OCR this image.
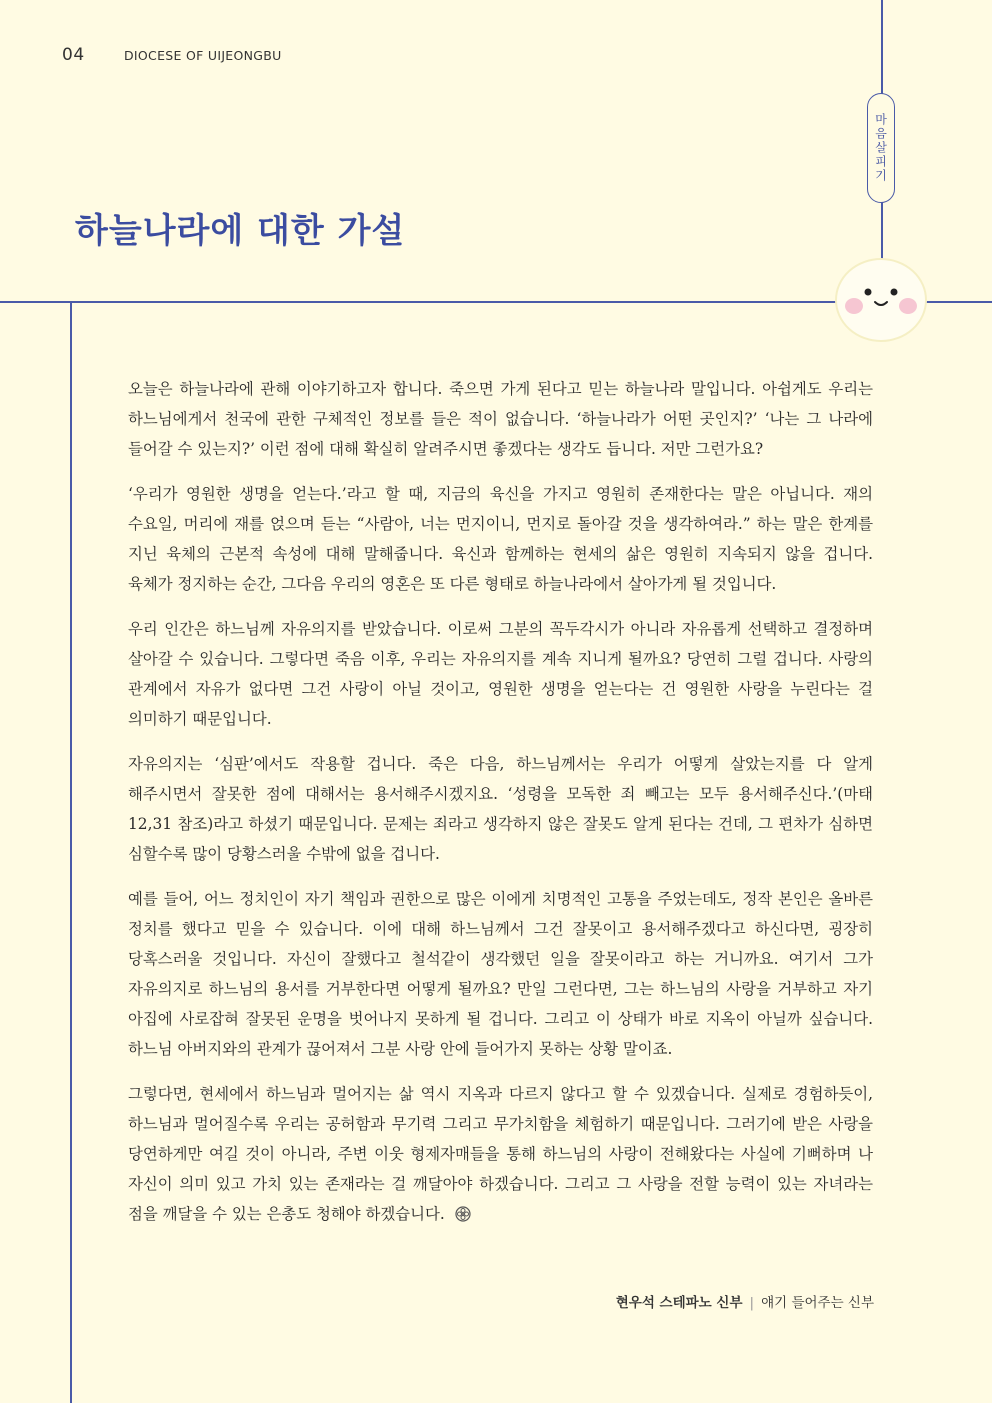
04	DIOCESE OF UIJEONGBU
마음살피기
하늘나라에 대한 가설

오늘은 하늘나라에 관해 이야기하고자 합니다. 죽으면 가게 된다고 믿는 하늘나라 말입니다. 아쉽게도 우리는 하느님에게서 천국에 관한 구체적인 정보를 들은 적이 없습니다. ‘하늘나라가 어떤 곳인지?’ ‘나는 그 나라에 들어갈 수 있는지?’ 이런 점에 대해 확실히 알려주시면 좋겠다는 생각도 듭니다. 저만 그런가요?

‘우리가 영원한 생명을 얻는다.’라고 할 때, 지금의 육신을 가지고 영원히 존재한다는 말은 아닙니다. 재의 수요일, 머리에 재를 얹으며 듣는 “사람아, 너는 먼지이니, 먼지로 돌아갈 것을 생각하여라.” 하는 말은 한계를 지닌 육체의 근본적 속성에 대해 말해줍니다. 육신과 함께하는 현세의 삶은 영원히 지속되지 않을 겁니다. 육체가 정지하는 순간, 그다음 우리의 영혼은 또 다른 형태로 하늘나라에서 살아가게 될 것입니다.

우리 인간은 하느님께 자유의지를 받았습니다. 이로써 그분의 꼭두각시가 아니라 자유롭게 선택하고 결정하며 살아갈 수 있습니다. 그렇다면 죽음 이후, 우리는 자유의지를 계속 지니게 될까요? 당연히 그럴 겁니다. 사랑의 관계에서 자유가 없다면 그건 사랑이 아닐 것이고, 영원한 생명을 얻는다는 건 영원한 사랑을 누린다는 걸 의미하기 때문입니다.

자유의지는 ‘심판’에서도 작용할 겁니다. 죽은 다음, 하느님께서는 우리가 어떻게 살았는지를 다 알게 해주시면서 잘못한 점에 대해서는 용서해주시겠지요. ‘성령을 모독한 죄 빼고는 모두 용서해주신다.’(마태 12,31 참조)라고 하셨기 때문입니다. 문제는 죄라고 생각하지 않은 잘못도 알게 된다는 건데, 그 편차가 심하면 심할수록 많이 당황스러울 수밖에 없을 겁니다.

예를 들어, 어느 정치인이 자기 책임과 권한으로 많은 이에게 치명적인 고통을 주었는데도, 정작 본인은 올바른 정치를 했다고 믿을 수 있습니다. 이에 대해 하느님께서 그건 잘못이고 용서해주겠다고 하신다면, 굉장히 당혹스러울 것입니다. 자신이 잘했다고 철석같이 생각했던 일을 잘못이라고 하는 거니까요. 여기서 그가 자유의지로 하느님의 용서를 거부한다면 어떻게 될까요? 만일 그런다면, 그는 하느님의 사랑을 거부하고 자기 아집에 사로잡혀 잘못된 운명을 벗어나지 못하게 될 겁니다. 그리고 이 상태가 바로 지옥이 아닐까 싶습니다. 하느님 아버지와의 관계가 끊어져서 그분 사랑 안에 들어가지 못하는 상황 말이죠.

그렇다면, 현세에서 하느님과 멀어지는 삶 역시 지옥과 다르지 않다고 할 수 있겠습니다. 실제로 경험하듯이, 하느님과 멀어질수록 우리는 공허함과 무기력 그리고 무가치함을 체험하기 때문입니다. 그러기에 받은 사랑을 당연하게만 여길 것이 아니라, 주변 이웃 형제자매들을 통해 하느님의 사랑이 전해왔다는 사실에 기뻐하며 나 자신이 의미 있고 가치 있는 존재라는 걸 깨달아야 하겠습니다. 그리고 그 사랑을 전할 능력이 있는 자녀라는 점을 깨달을 수 있는 은총도 청해야 하겠습니다.

현우석 스테파노 신부 | 얘기 들어주는 신부
